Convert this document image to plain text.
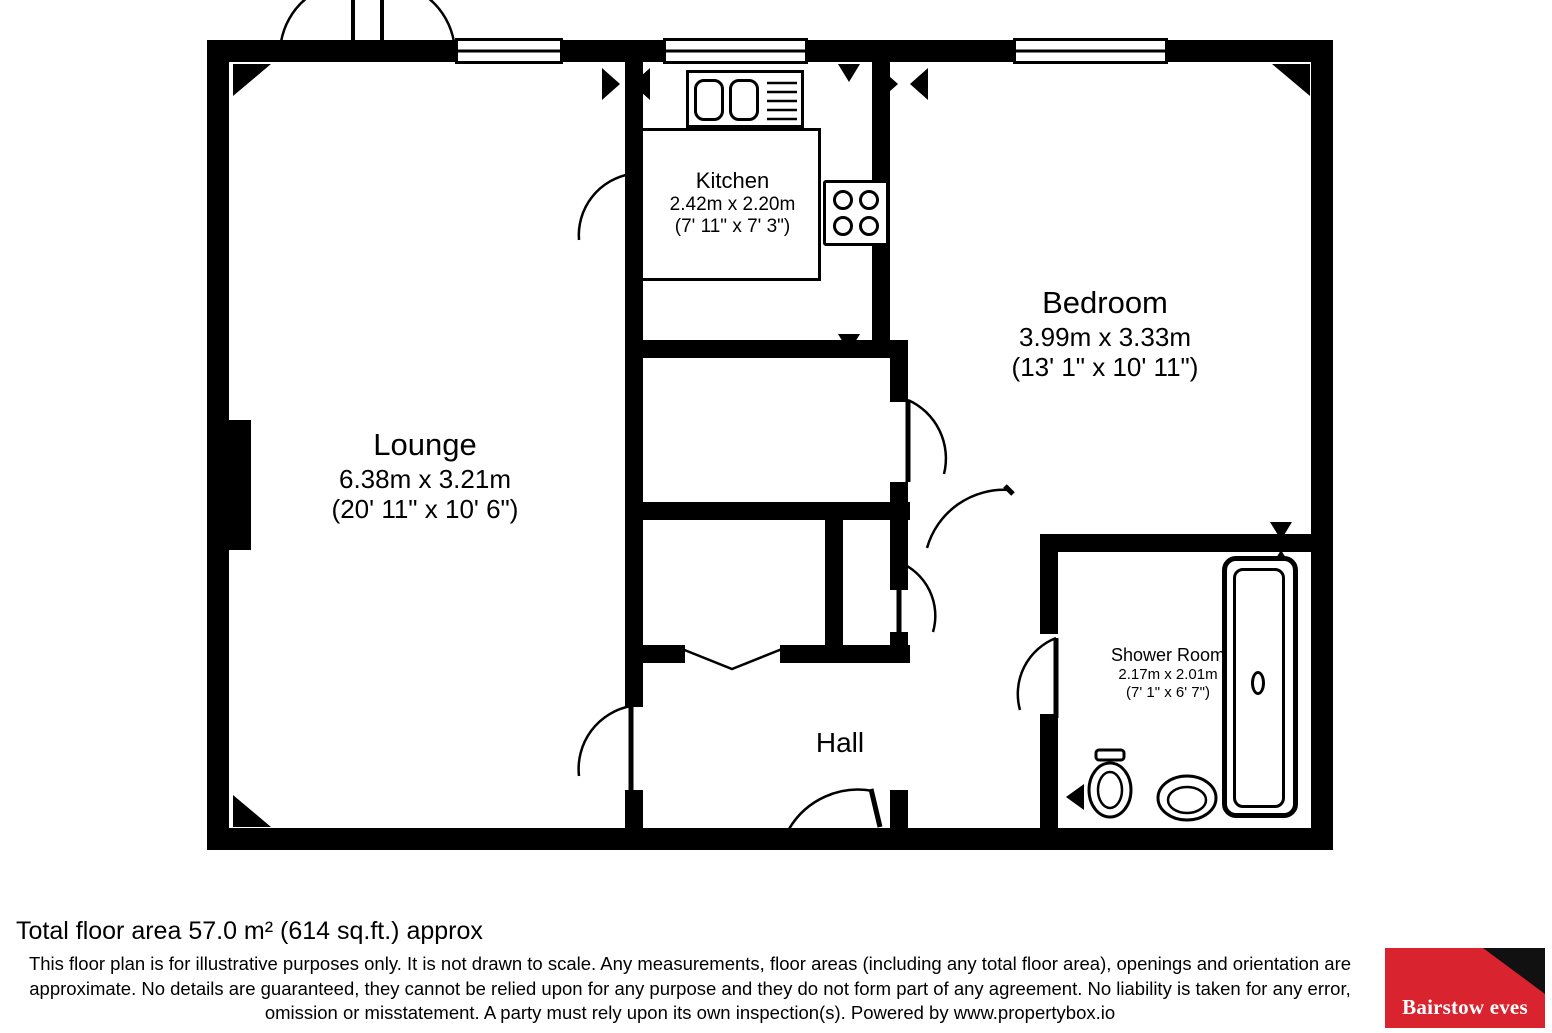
Lounge
6.38m x 3.21m
(20' 11" x 10' 6")
Kitchen
2.42m x 2.20m
(7' 11" x 7' 3")
Bedroom
3.99m x 3.33m
(13' 1" x 10' 11")
Shower Room
2.17m x 2.01m
(7' 1" x 6' 7")
Hall
Total floor area 57.0 m² (614 sq.ft.) approx
This floor plan is for illustrative purposes only. It is not drawn to scale. Any measurements, floor areas (including any total floor area), openings and orientation are approximate. No details are guaranteed, they cannot be relied upon for any purpose and they do not form part of any agreement. No liability is taken for any error, omission or misstatement. A party must rely upon its own inspection(s). Powered by www.propertybox.io	Bairstow eves
